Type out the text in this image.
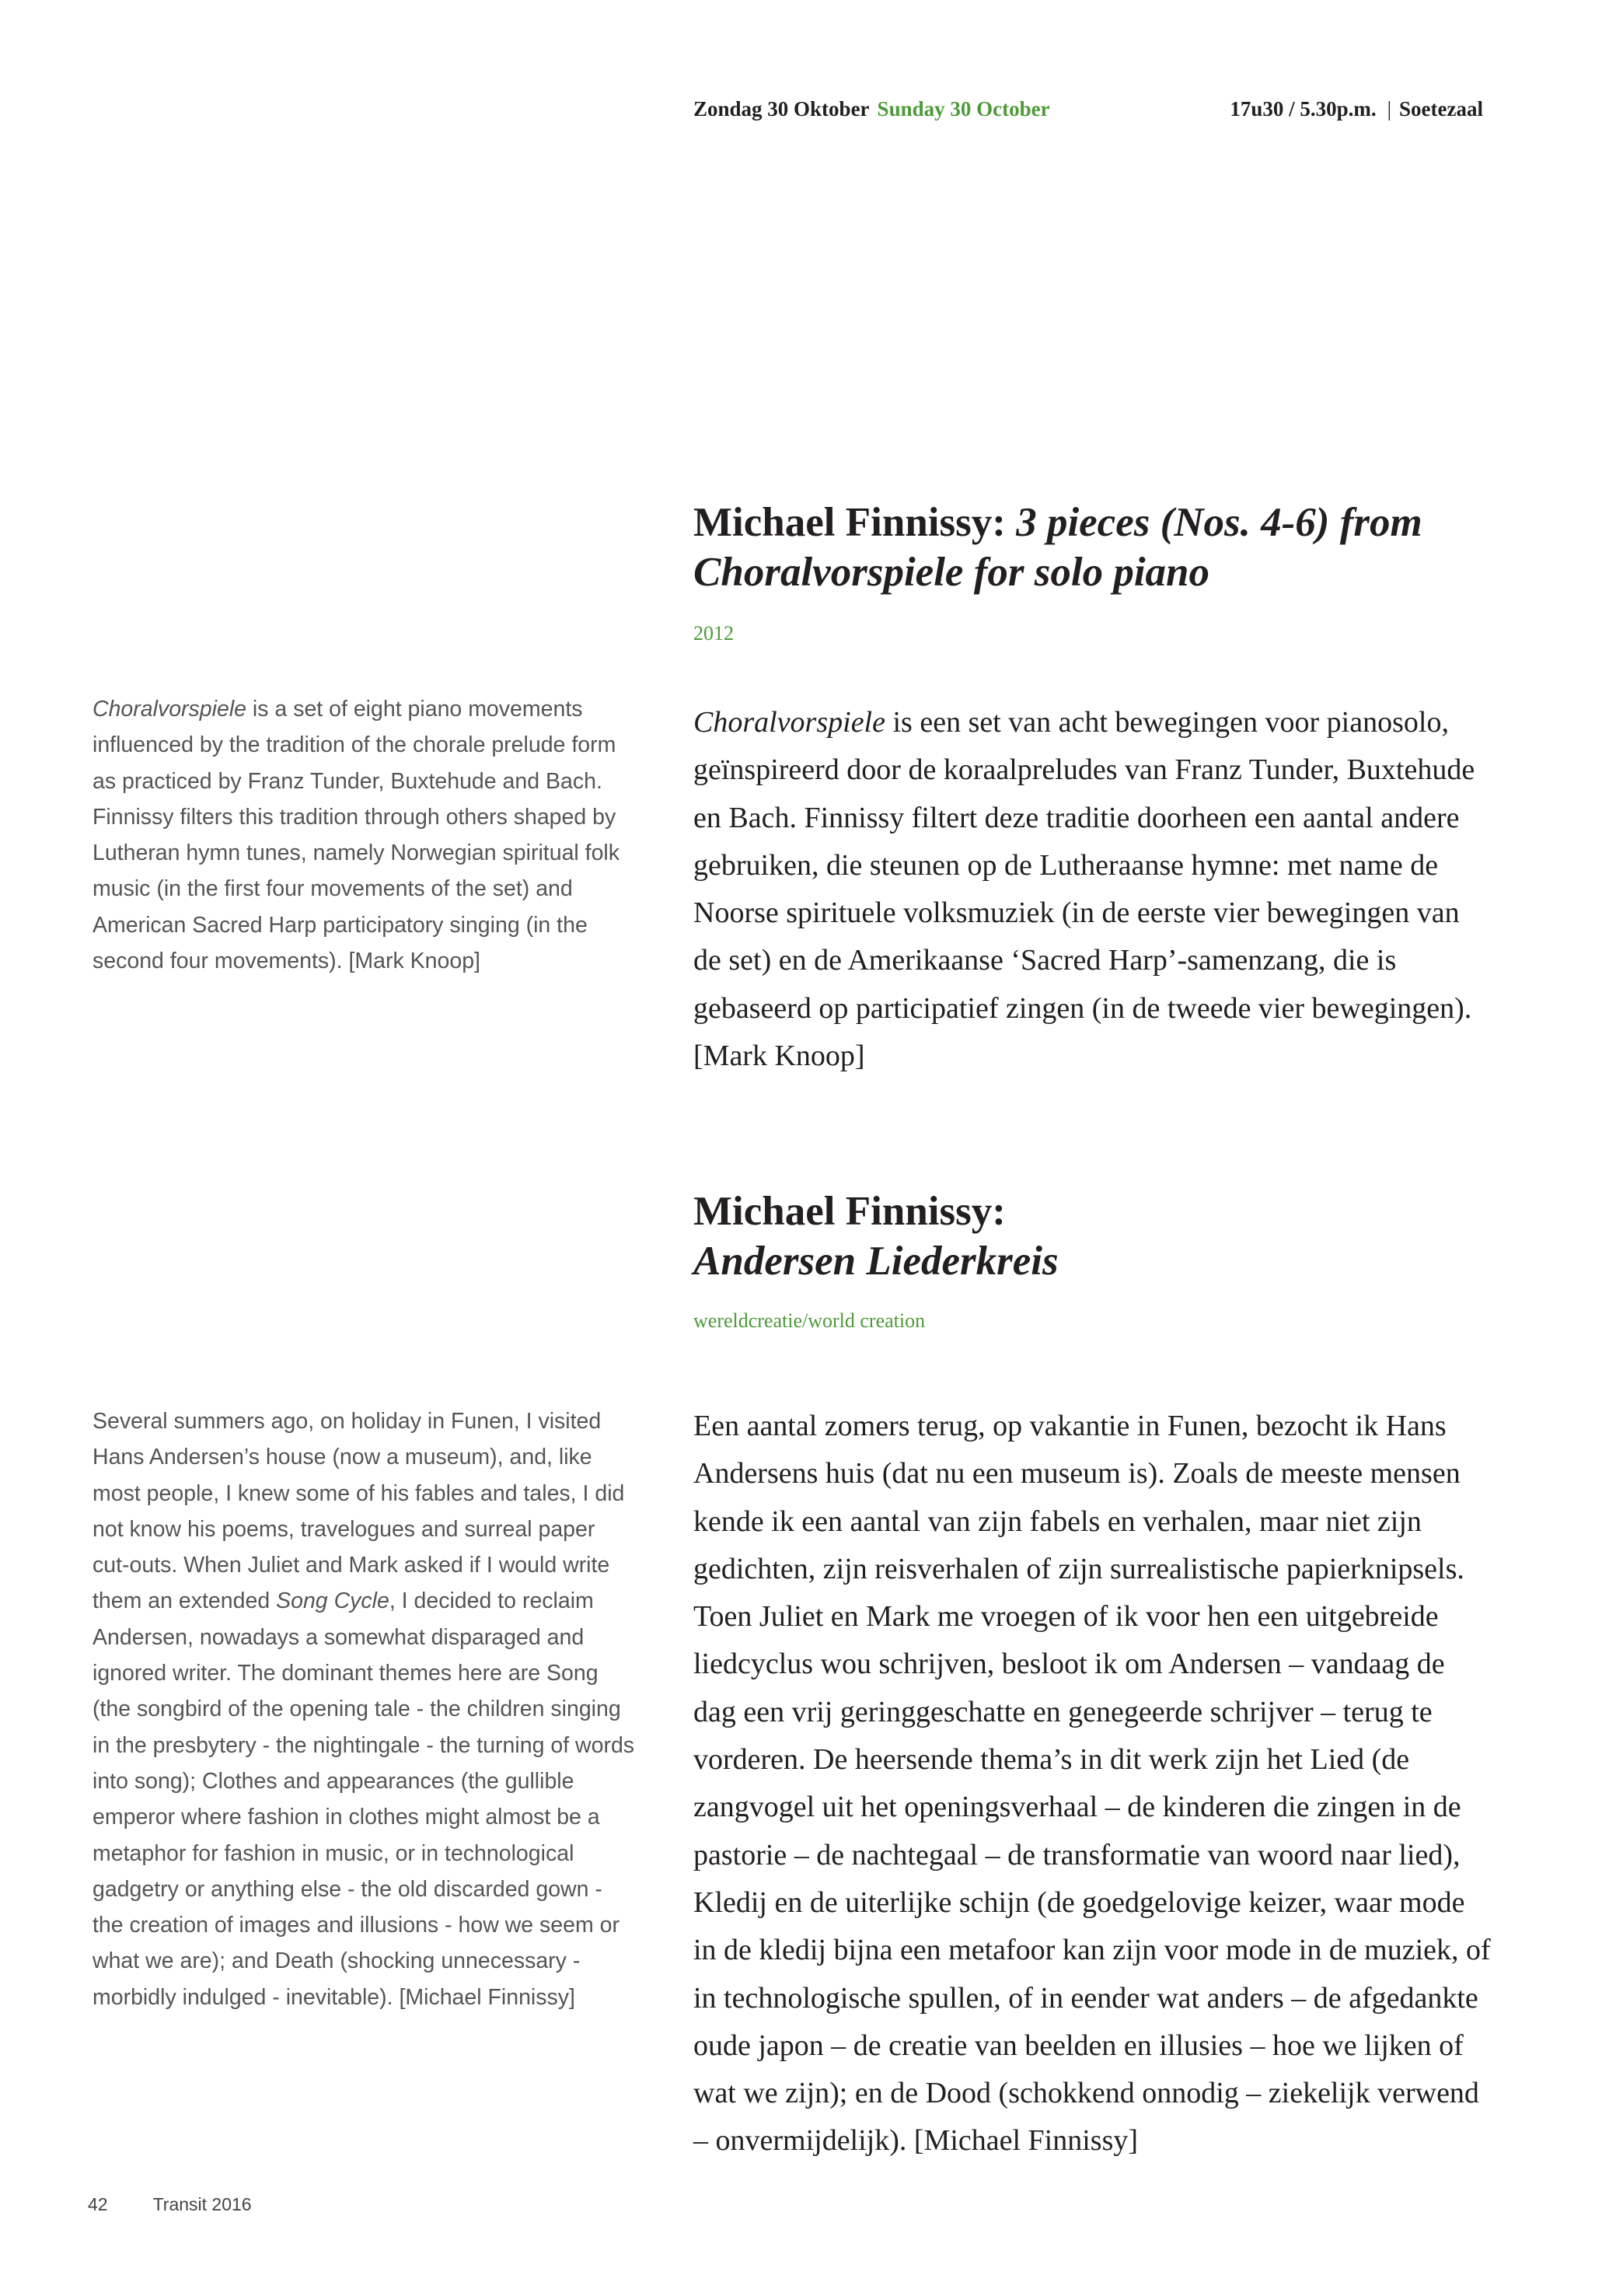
Zondag 30 Oktober Sunday 30 October	17u30 / 5.30p.m. | Soetezaal
Michael Finnissy: 3 pieces (Nos. 4-6) from
Choralvorspiele for solo piano
2012

Choralvorspiele is a set of eight piano movements influenced by the tradition of the chorale prelude form as practiced by Franz Tunder, Buxtehude and Bach. Finnissy filters this tradition through others shaped by Lutheran hymn tunes, namely Norwegian spiritual folk music (in the first four movements of the set) and American Sacred Harp participatory singing (in the second four movements). [Mark Knoop]

Choralvorspiele is een set van acht bewegingen voor pianosolo, geïnspireerd door de koraalpreludes van Franz Tunder, Buxtehude en Bach. Finnissy filtert deze traditie doorheen een aantal andere gebruiken, die steunen op de Lutheraanse hymne: met name de Noorse spirituele volksmuziek (in de eerste vier bewegingen van de set) en de Amerikaanse ‘Sacred Harp’-samenzang, die is gebaseerd op participatief zingen (in de tweede vier bewegingen). [Mark Knoop]

Michael Finnissy:
Andersen Liederkreis
wereldcreatie/world creation

Several summers ago, on holiday in Funen, I visited Hans Andersen’s house (now a museum), and, like most people, I knew some of his fables and tales, I did not know his poems, travelogues and surreal paper cut-outs. When Juliet and Mark asked if I would write them an extended Song Cycle, I decided to reclaim Andersen, nowadays a somewhat disparaged and ignored writer. The dominant themes here are Song (the songbird of the opening tale - the children singing in the presbytery - the nightingale - the turning of words into song); Clothes and appearances (the gullible emperor where fashion in clothes might almost be a metaphor for fashion in music, or in technological gadgetry or anything else - the old discarded gown - the creation of images and illusions - how we seem or what we are); and Death (shocking unnecessary - morbidly indulged - inevitable). [Michael Finnissy]

Een aantal zomers terug, op vakantie in Funen, bezocht ik Hans Andersens huis (dat nu een museum is). Zoals de meeste mensen kende ik een aantal van zijn fabels en verhalen, maar niet zijn gedichten, zijn reisverhalen of zijn surrealistische papierknipsels. Toen Juliet en Mark me vroegen of ik voor hen een uitgebreide liedcyclus wou schrijven, besloot ik om Andersen – vandaag de dag een vrij geringgeschatte en genegeerde schrijver – terug te vorderen. De heersende thema’s in dit werk zijn het Lied (de zangvogel uit het openingsverhaal – de kinderen die zingen in de pastorie – de nachtegaal – de transformatie van woord naar lied), Kledij en de uiterlijke schijn (de goedgelovige keizer, waar mode in de kledij bijna een metafoor kan zijn voor mode in de muziek, of in technologische spullen, of in eender wat anders – de afgedankte oude japon – de creatie van beelden en illusies – hoe we lijken of wat we zijn); en de Dood (schokkend onnodig – ziekelijk verwend – onvermijdelijk). [Michael Finnissy]

42	Transit 2016
